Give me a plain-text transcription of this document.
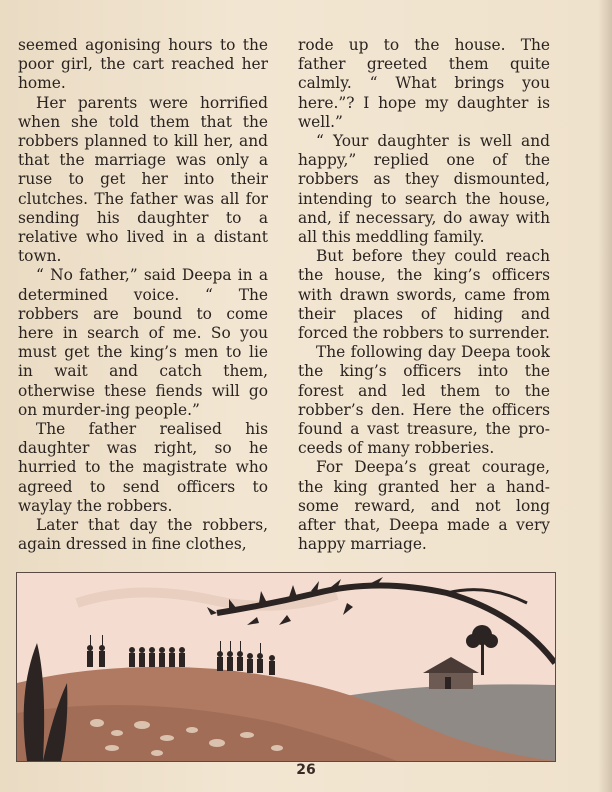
seemed agonising hours to the poor girl, the cart reached her home.

Her parents were horrified when she told them that the robbers planned to kill her, and that the marriage was only a ruse to get her into their clutches. The father was all for sending his daughter to a relative who lived in a distant town.

“ No father,” said Deepa in a determined voice. “ The robbers are bound to come here in search of me. So you must get the king’s men to lie in wait and catch them, otherwise these fiends will go on murder-ing people.”

The father realised his daughter was right, so he hurried to the magistrate who agreed to send officers to waylay the robbers.

Later that day the robbers, again dressed in fine clothes,

rode up to the house. The father greeted them quite calmly. “ What brings you here.”? I hope my daughter is well.”

“ Your daughter is well and happy,” replied one of the robbers as they dismounted, intending to search the house, and, if necessary, do away with all this meddling family.

But before they could reach the house, the king’s officers with drawn swords, came from their places of hiding and forced the robbers to surrender.

The following day Deepa took the king’s officers into the forest and led them to the robber’s den. Here the officers found a vast treasure, the pro-ceeds of many robberies.

For Deepa’s great courage, the king granted her a hand-some reward, and not long after that, Deepa made a very happy marriage.

26
